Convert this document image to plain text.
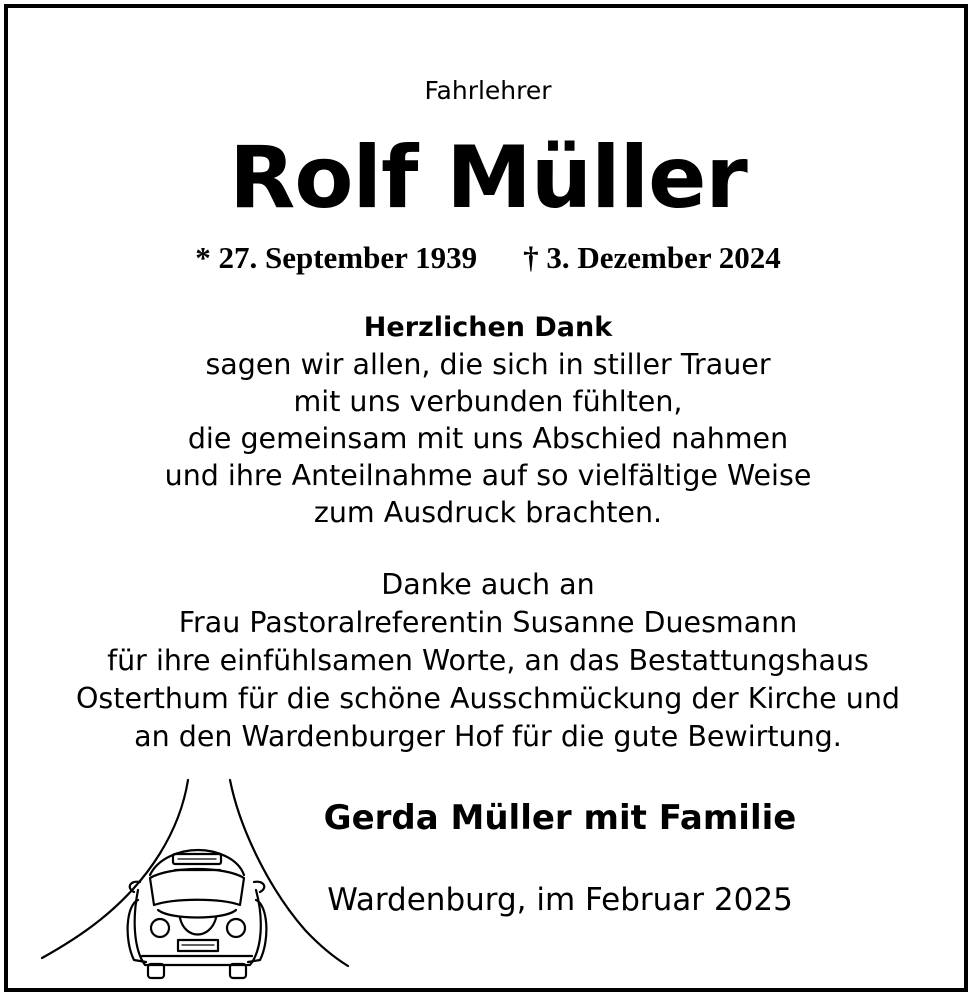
Fahrlehrer
Rolf Müller
* 27. September 1939 † 3. Dezember 2024
Herzlichen Dank
sagen wir allen, die sich in stiller Trauer
mit uns verbunden fühlten,
die gemeinsam mit uns Abschied nahmen
und ihre Anteilnahme auf so vielfältige Weise
zum Ausdruck brachten.
Danke auch an
Frau Pastoralreferentin Susanne Duesmann
für ihre einfühlsamen Worte, an das Bestattungshaus
Osterthum für die schöne Ausschmückung der Kirche und
an den Wardenburger Hof für die gute Bewirtung.
Gerda Müller mit Familie
Wardenburg, im Februar 2025
